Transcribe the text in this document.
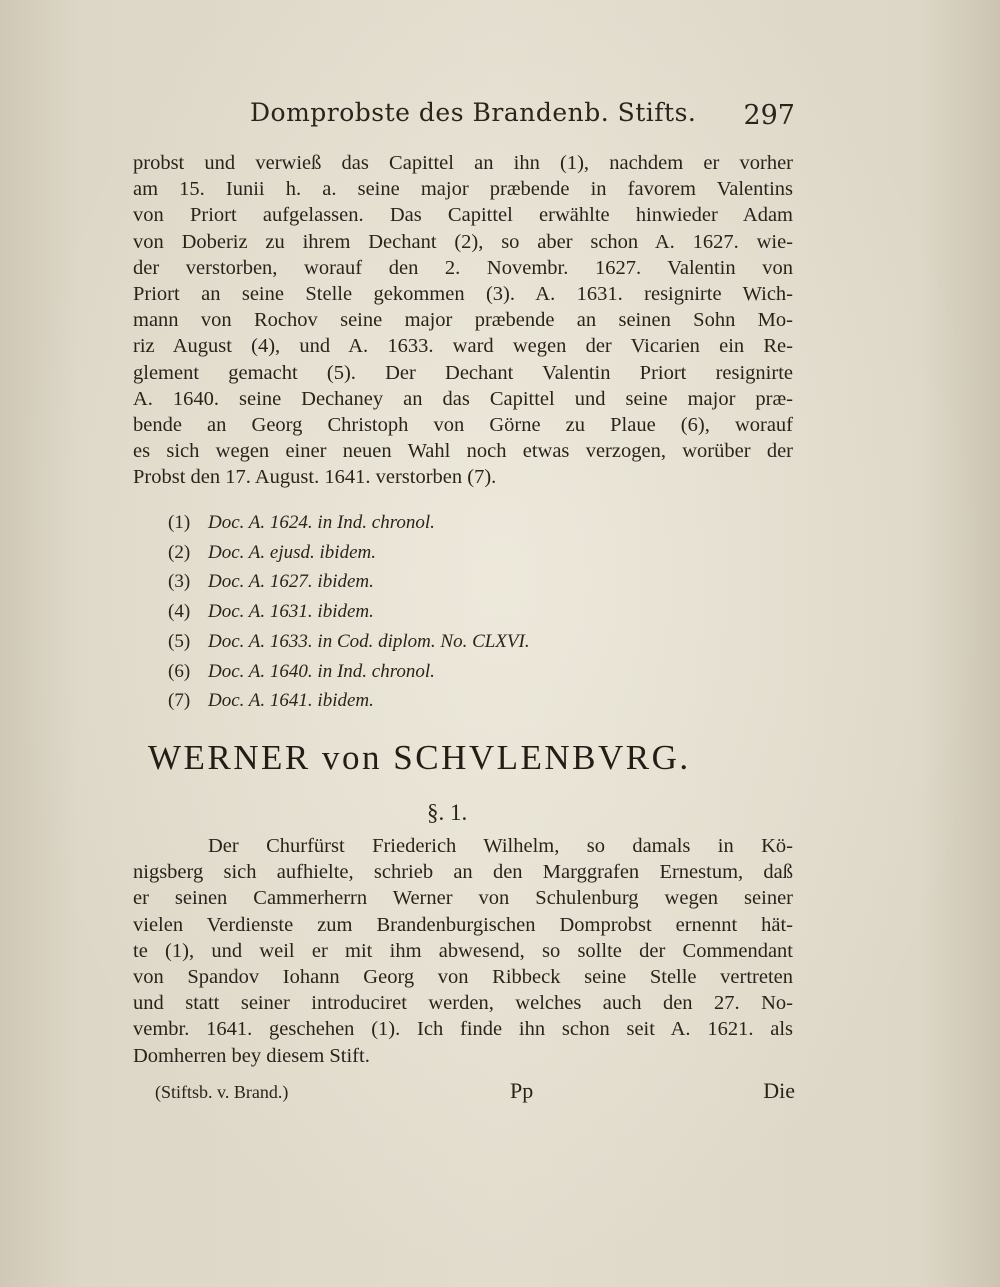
Domprobste des Brandenb. Stifts. 297
probst und verwieß das Capittel an ihn (1), nachdem er vorher
am 15. Iunii h. a. seine major præbende in favorem Valentins
von Priort aufgelassen. Das Capittel erwählte hinwieder Adam
von Doberiz zu ihrem Dechant (2), so aber schon A. 1627. wie-
der verstorben, worauf den 2. Novembr. 1627. Valentin von
Priort an seine Stelle gekommen (3). A. 1631. resignirte Wich-
mann von Rochov seine major præbende an seinen Sohn Mo-
riz August (4), und A. 1633. ward wegen der Vicarien ein Re-
glement gemacht (5). Der Dechant Valentin Priort resignirte
A. 1640. seine Dechaney an das Capittel und seine major præ-
bende an Georg Christoph von Görne zu Plaue (6), worauf
es sich wegen einer neuen Wahl noch etwas verzogen, worüber der
Probst den 17. August. 1641. verstorben (7).
(1) Doc. A. 1624. in Ind. chronol.
(2) Doc. A. ejusd. ibidem.
(3) Doc. A. 1627. ibidem.
(4) Doc. A. 1631. ibidem.
(5) Doc. A. 1633. in Cod. diplom. No. CLXVI.
(6) Doc. A. 1640. in Ind. chronol.
(7) Doc. A. 1641. ibidem.
WERNER von SCHVLENBVRG.
§. 1.
Der Churfürst Friederich Wilhelm, so damals in Kö-
nigsberg sich aufhielte, schrieb an den Marggrafen Ernestum, daß
er seinen Cammerherrn Werner von Schulenburg wegen seiner
vielen Verdienste zum Brandenburgischen Domprobst ernennt hät-
te (1), und weil er mit ihm abwesend, so sollte der Commendant
von Spandov Iohann Georg von Ribbeck seine Stelle vertreten
und statt seiner introduciret werden, welches auch den 27. No-
vembr. 1641. geschehen (1). Ich finde ihn schon seit A. 1621. als
Domherren bey diesem Stift.
(Stiftsb. v. Brand.)	Pp	Die
